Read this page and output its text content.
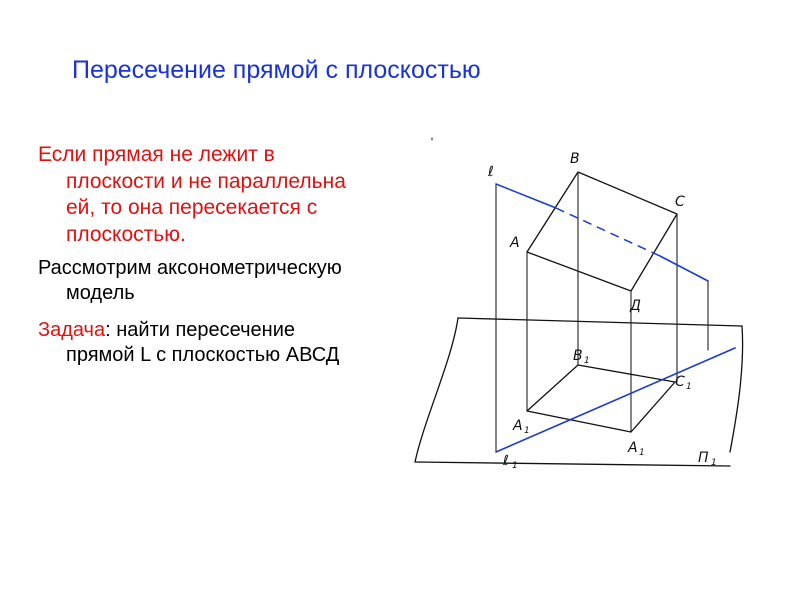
Пересечение прямой с плоскостью
Если прямая не лежит в плоскости и не параллельна ей, то она пересекается с плоскостью.
Рассмотрим аксонометрическую модель
Задача: найти пересечение прямой L с плоскостью АВСД
ℓ
В
С
А
Д
В 1
С 1
А 1
А 1
ℓ 1	П 1
